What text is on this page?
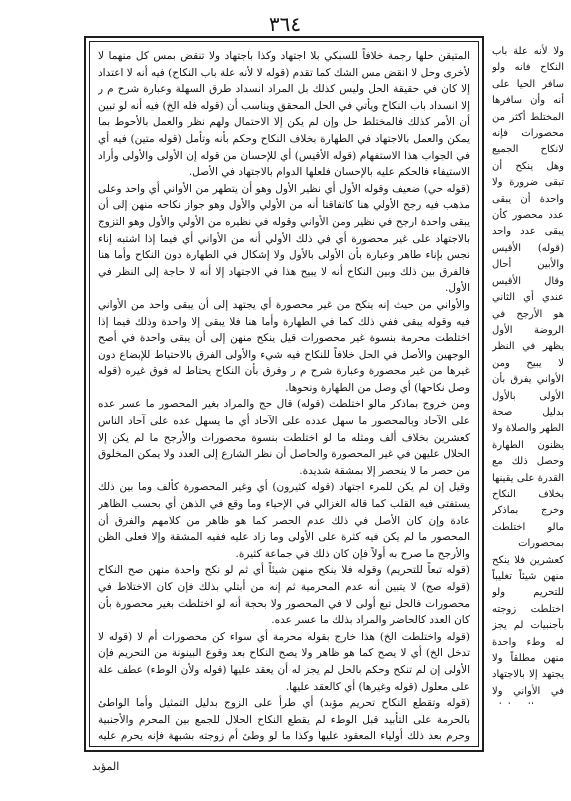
٣٦٤

المتيقن حلها رجمة خلافاً للسبكي بلا اجتهاد وكذا باجتهاد ولا تنقض بمس كل منهما لا لأخرى وحل لا انقض مس الشك كما تقدم (قوله لا لأنه علة باب النكاح) فيه أنه لا اعتداد إلا كان في حقيقة الحل وليس كذلك بل المراد انسداد طرق السهلة وعبارة شرح م ر إلا انسداد باب النكاح ويأتي في الحل المحقق ويناسب أن (قوله فله الخ) فيه أنه لو تبين أن الأمر كذلك فالمختلط حل وإن لم يكن إلا الاحتمال ولهم نظر والعمل بالأحوط بما يمكن والعمل بالاجتهاد في الطهارة بخلاف النكاح وحكم بأنه وتأمل (قوله متين) فيه أي في الجواب هذا الاستفهام (قوله الأقيس) أي للإحسان من قوله إن الأولى والأولى وأراد الاستيفاء فالحكم عليه بالإحسان فلعلها الدوام بالاجتهاد في الأصل.

(قوله حي) ضعيف وقوله الأول أي نظير الأول وهو أن يتطهر من الأواني أي واحد وعلى مذهب فيه رجح الأولي هنا كاتفاقنا أنه من الأولي والأول وهو جواز نكاحه منهن إلى أن يبقى واحدة ارجح في نظير ومن الأواني وقوله في نظيره من الأولي والأول وهو التزوج بالاجتهاد على غير محصورة أي في ذلك الأولي أنه من الأواني أي فيما إذا اشتبه إناء نجس بإناء طاهر وعبارة بأن الأولى بالأول ولا إشكال في الطهارة دون النكاح وأما هنا فالفرق بين ذلك وبين النكاح أنه لا يبيح هذا في الاجتهاد إلا أنه لا حاجة إلى النظر في الأول.

والأواني من حيث إنه ينكح من غير محصورة أي يجتهد إلى أن يبقى واحد من الأواني فيه وقوله يبقى ففي ذلك كما في الطهارة وأما هنا فلا يبقى إلا واحدة وذلك فيما إذا اختلطت محرمة بنسوة غير محصورات قيل ينكح منهن إلى أن يبقى واحدة في أصح الوجهين والأصل في الحل خلافاً للنكاح فيه شيء والأولى الفرق بالاحتياط للإبضاع دون غيرها من غير محصورة وعبارة شرح م ر وفرق بأن النكاح يحتاط له فوق غيره (قوله وصل نكاحها) أي وصل من الطهارة ونحوها.

ومن خروج بماذكر مالو اختلطت (قوله) قال حج والمراد بغير المحصور ما عسر عده على الآحاد وبالمحصور ما سهل عدده على الآحاد أي ما يسهل عده على آحاد الناس كعشرين بخلاف ألف ومثله ما لو اختلطت بنسوة محصورات والأرجح ما لم يكن إلا الحلال عليهن في غير المحصورة والحاصل أن نظر الشارع إلى العدد ولا يمكن المخلوق من حصر ما لا ينحصر إلا بمشقة شديدة.

وقيل إن لم يكن للمرء اجتهاد (قوله كثيرون) أي وغير المحصورة كألف وما بين ذلك يستفتى فيه القلب كما قاله الغزالي في الإحياء وما وقع في الذهن أي بحسب الظاهر عادة وإن كان الأصل في ذلك عدم الحصر كما هو ظاهر من كلامهم والفرق أن المحصور ما لم يكن فيه كثرة على الأولى وما زاد عليه ففيه المشقة وإلا فعلى الظن والأرجح ما صرح به أولاً فإن كان ذلك في جماعة كثيرة.

(قوله تبعاً للتحريم) وقوله فلا ينكح منهن شيئاً أي ثم لو نكح واحدة منهن صح النكاح (قوله صح) لا يتبين أنه عدم المحرمية ثم إنه من أبتلي بذلك فإن كان الاختلاط في محصورات فالحل تبع أولى لا في المحصور ولا بحجة أنه لو اختلطت بغير محصورة بأن كان العدد كالحاضر والمراد بذلك ما عسر عده.

(قوله واختلطت الخ) هذا خارج بقوله محرمة أي سواء كن محصورات أم لا (قوله لا تدخل الخ) أي لا يصح كما هو ظاهر ولا يصح النكاح بعد وقوع البينونة من التحريم فإن الأولى إن لم تنكح وحكم بالحل لم يجز له أن يعقد عليها (قوله ولأن الوطء) عطف علة على معلول (قوله وغيرها) أي كالعقد عليها.

(قوله وتقطع النكاح تحريم مؤبد) أي طرأ على الزوج بدليل التمثيل وأما الواطئ بالحرمة على التأبيد قبل الوطء لم يقطع النكاح الحلال للجمع بين المحرم والأجنبية وحرم بعد ذلك أولياء المعقود عليها وكذا ما لو وطئ أم زوجته بشبهة فإنه يحرم عليه

ولا لأنه علة باب النكاح فانه ولو سافر الحيا على أنه وأن سافرها المختلط أكثر من محصورات فإنه لانكاح الجميع وهل ينكح أن تبقى ضرورة ولا واحدة أن يبقى عدد محصور كأن يبقى عدد واحد (قوله) الأقيس والأبين أحال وقال الأقيس عندي أي الثاني هو الأرجح في الروضة الأول يظهر في النظر لا يبيح ومن الأواني يفرق بأن الأولى بالأول بدليل صحة الطهر والصلاة ولا يظنون الطهارة وحصل ذلك مع القدرة على يقينها بخلاف النكاح وخرج بماذكر مالو اختلطت بمحصورات كعشرين فلا ينكح منهن شيئاً تغليباً للتحريم ولو اختلطت زوجته بأجنبيات لم يجز له وطء واحدة منهن مطلقاً ولا يجتهد إلا بالاجتهاد في الأواني ولا

المؤبد
